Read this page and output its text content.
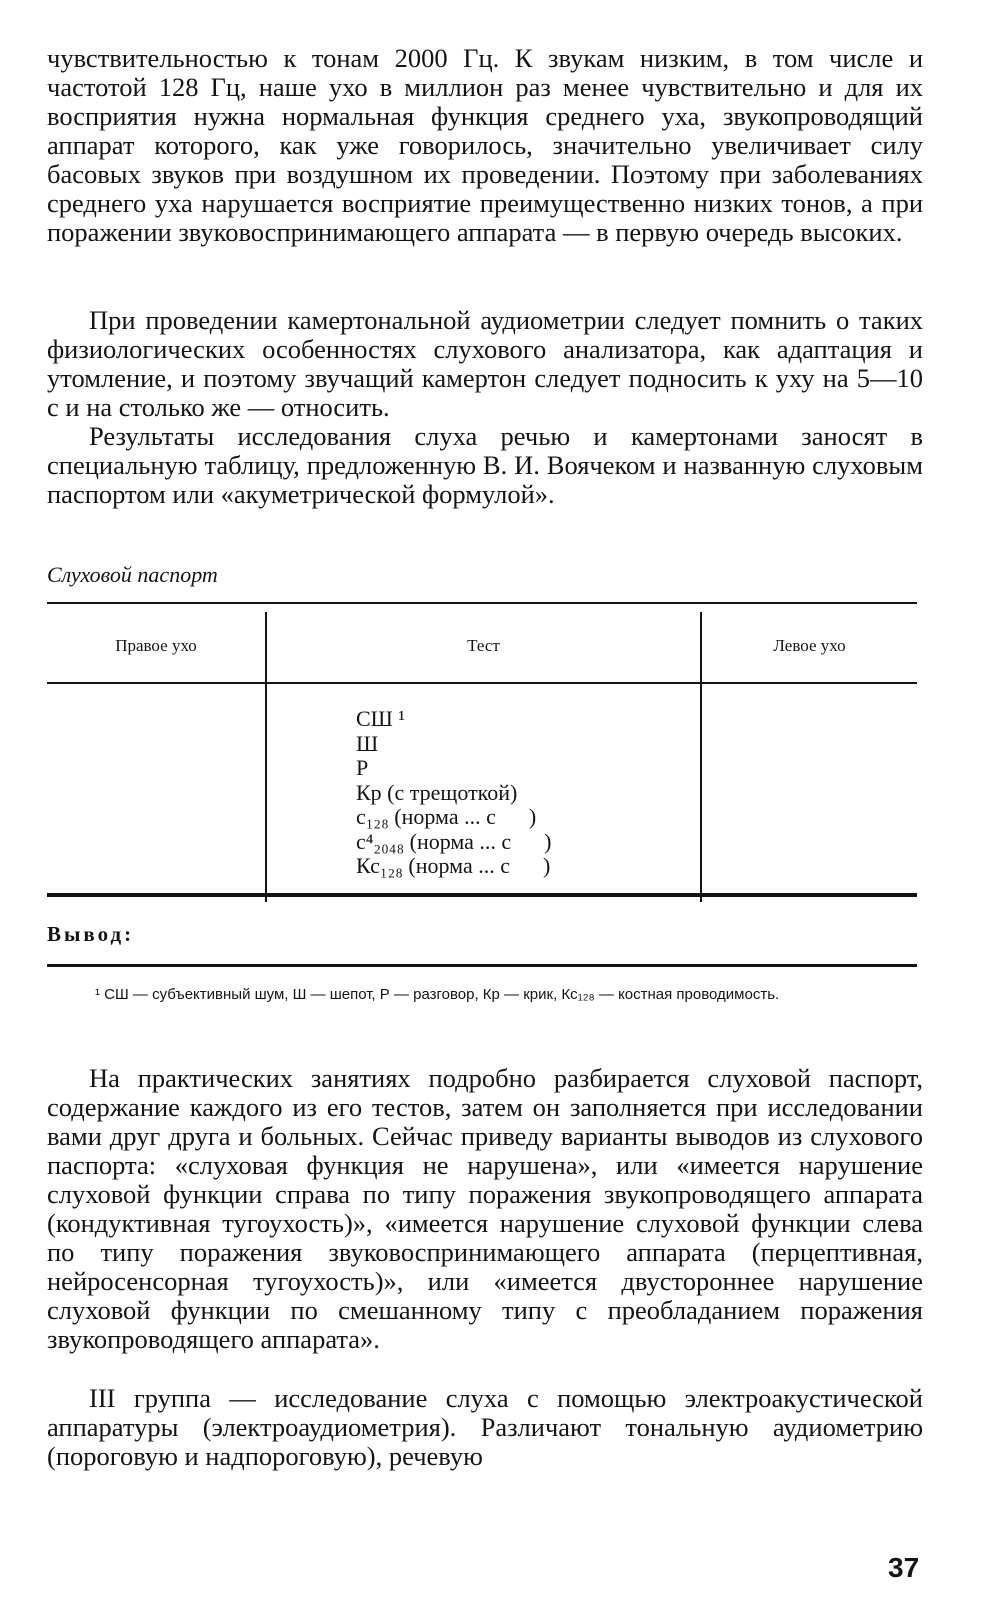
чувствительностью к тонам 2000 Гц. К звукам низким, в том числе и частотой 128 Гц, наше ухо в миллион раз менее чувствительно и для их восприятия нужна нормальная функция среднего уха, звукопроводящий аппарат которого, как уже говорилось, значительно увеличивает силу басовых звуков при воздушном их проведении. Поэтому при заболеваниях среднего уха нарушается восприятие преимущественно низких тонов, а при поражении звуковоспринимающего аппарата — в первую очередь высоких.

При проведении камертональной аудиометрии следует помнить о таких физиологических особенностях слухового анализатора, как адаптация и утомление, и поэтому звучащий камертон следует подносить к уху на 5—10 с и на столько же — относить.

Результаты исследования слуха речью и камертонами заносят в специальную таблицу, предложенную В. И. Воячеком и названную слуховым паспортом или «акуметрической формулой».

Слуховой паспорт

Правое ухо	Тест	Левое ухо
СШ ¹
Ш
Р
Кр (с трещоткой)
c₁₂₈ (норма ... с      )
c⁴₂₀₄₈ (норма ... с      )
Кс₁₂₈ (норма ... с      )
Вывод:
¹ СШ — субъективный шум, Ш — шепот, Р — разговор, Кр — крик, Кс₁₂₈ — костная проводимость.

На практических занятиях подробно разбирается слуховой паспорт, содержание каждого из его тестов, затем он заполняется при исследовании вами друг друга и больных. Сейчас приведу варианты выводов из слухового паспорта: «слуховая функция не нарушена», или «имеется нарушение слуховой функции справа по типу поражения звукопроводящего аппарата (кондуктивная тугоухость)», «имеется нарушение слуховой функции слева по типу поражения звуковоспринимающего аппарата (перцептивная, нейросенсорная тугоухость)», или «имеется двустороннее нарушение слуховой функции по смешанному типу с преобладанием поражения звукопроводящего аппарата».

III группа — исследование слуха с помощью электроакустической аппаратуры (электроаудиометрия). Различают тональную аудиометрию (пороговую и надпороговую), речевую

37
